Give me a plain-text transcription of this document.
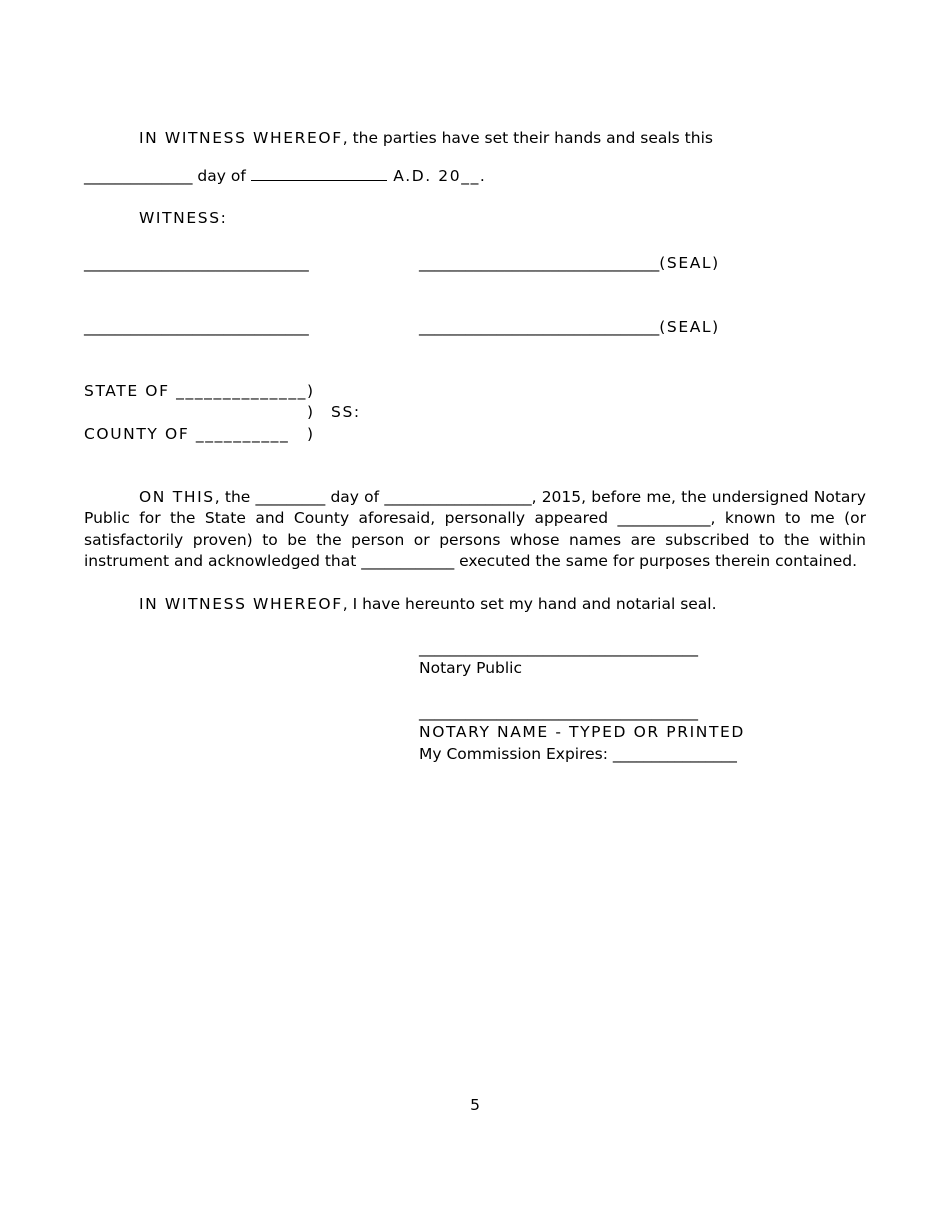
IN WITNESS WHEREOF, the parties have set their hands and seals this
______________ day of	A.D. 20__.
WITNESS:
_____________________________	_______________________________(SEAL)
_____________________________	_______________________________(SEAL)
STATE OF ______________ )
) SS:
COUNTY OF __________ )
ON THIS, the _________ day of ___________________, 2015, before me, the undersigned Notary Public for the State and County aforesaid, personally appeared ____________, known to me (or satisfactorily proven) to be the person or persons whose names are subscribed to the within instrument and acknowledged that ____________ executed the same for purposes therein contained.
IN WITNESS WHEREOF, I have hereunto set my hand and notarial seal.
____________________________________
Notary Public
____________________________________
NOTARY NAME - TYPED OR PRINTED
My Commission Expires: ________________
5
